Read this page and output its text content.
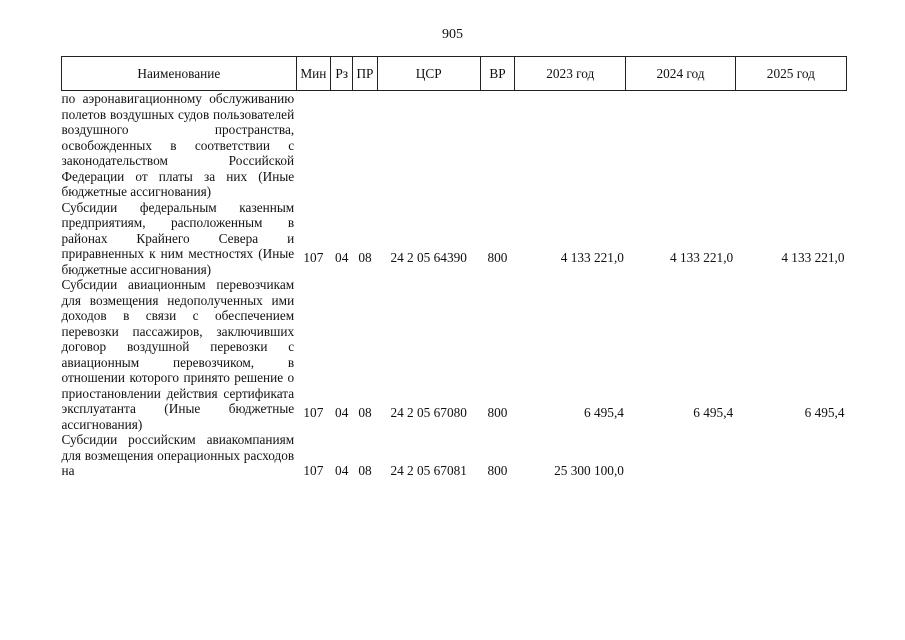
905
Наименование	Мин	Рз	ПР	ЦСР	ВР	2023 год	2024 год	2025 год
по аэронавигационному обслуживанию полетов воздушных судов пользователей воздушного пространства, освобожденных в соответствии с законодательством Российской Федерации от платы за них (Иные бюджетные ассигнования)								
Субсидии федеральным казенным предприятиям, расположенным в районах Крайнего Севера и приравненных к ним местностях (Иные бюджетные ассигнования)	107	04	08	24 2 05 64390	800	4 133 221,0	4 133 221,0	4 133 221,0
Субсидии авиационным перевозчикам для возмещения недополученных ими доходов в связи с обеспечением перевозки пассажиров, заключивших договор воздушной перевозки с авиационным перевозчиком, в отношении которого принято решение о приостановлении действия сертификата эксплуатанта (Иные бюджетные ассигнования)	107	04	08	24 2 05 67080	800	6 495,4	6 495,4	6 495,4
Субсидии российским авиакомпаниям для возмещения операционных расходов на	107	04	08	24 2 05 67081	800	25 300 100,0		
